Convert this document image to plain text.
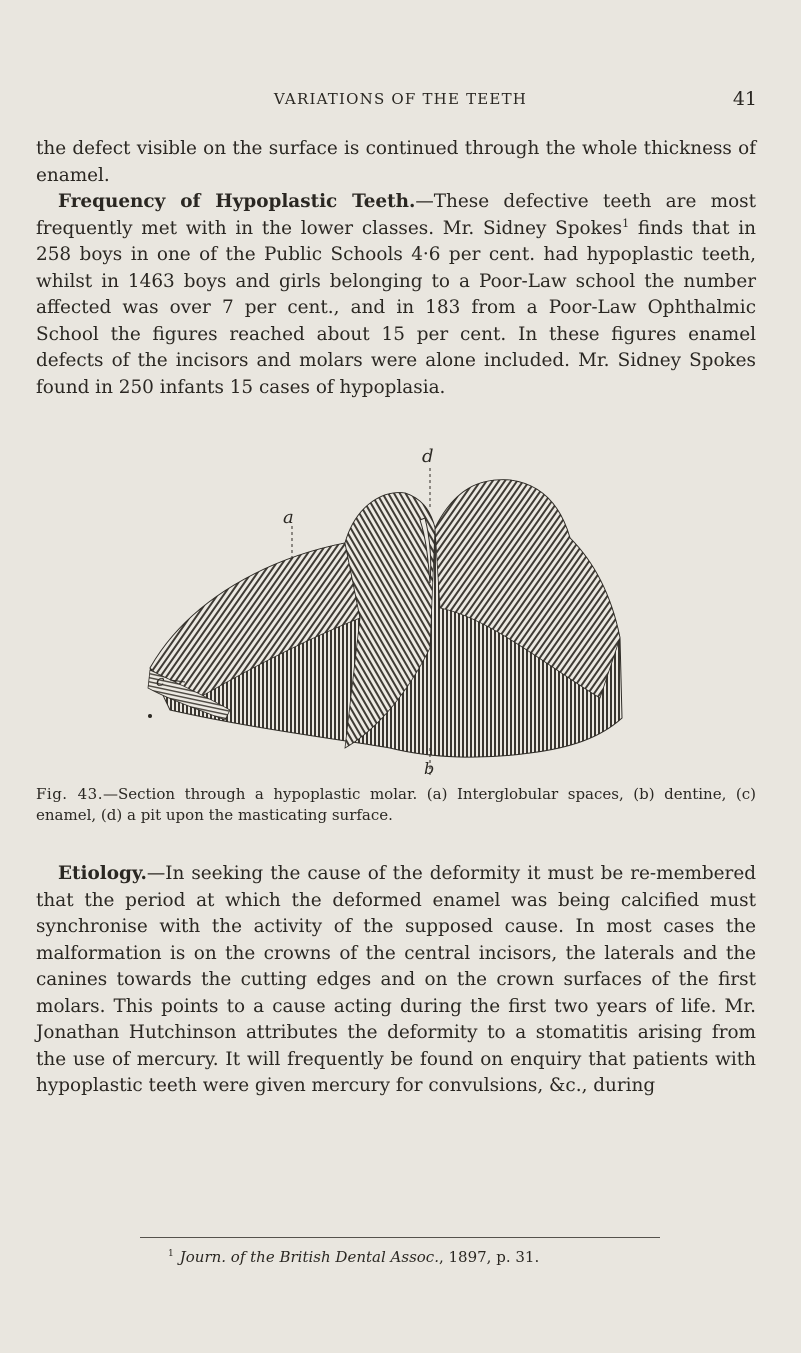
VARIATIONS OF THE TEETH	41

the defect visible on the surface is continued through the whole thickness of enamel.

Frequency of Hypoplastic Teeth.—These defective teeth are most frequently met with in the lower classes. Mr. Sidney Spokes$^1$ finds that in 258 boys in one of the Public Schools 4·6 per cent. had hypoplastic teeth, whilst in 1463 boys and girls belonging to a Poor-Law school the number affected was over 7 per cent., and in 183 from a Poor-Law Ophthalmic School the figures reached about 15 per cent. In these figures enamel defects of the incisors and molars were alone included. Mr. Sidney Spokes found in 250 infants 15 cases of hypoplasia.

d
a
c
b
Fig. 43.—Section through a hypoplastic molar. (a) Interglobular spaces, (b) dentine, (c) enamel, (d) a pit upon the masticating surface.

Etiology.—In seeking the cause of the deformity it must be re-membered that the period at which the deformed enamel was being calcified must synchronise with the activity of the supposed cause. In most cases the malformation is on the crowns of the central incisors, the laterals and the canines towards the cutting edges and on the crown surfaces of the first molars. This points to a cause acting during the first two years of life. Mr. Jonathan Hutchinson attributes the deformity to a stomatitis arising from the use of mercury. It will frequently be found on enquiry that patients with hypoplastic teeth were given mercury for convulsions, &c., during

$^1$ Journ. of the British Dental Assoc., 1897, p. 31.
